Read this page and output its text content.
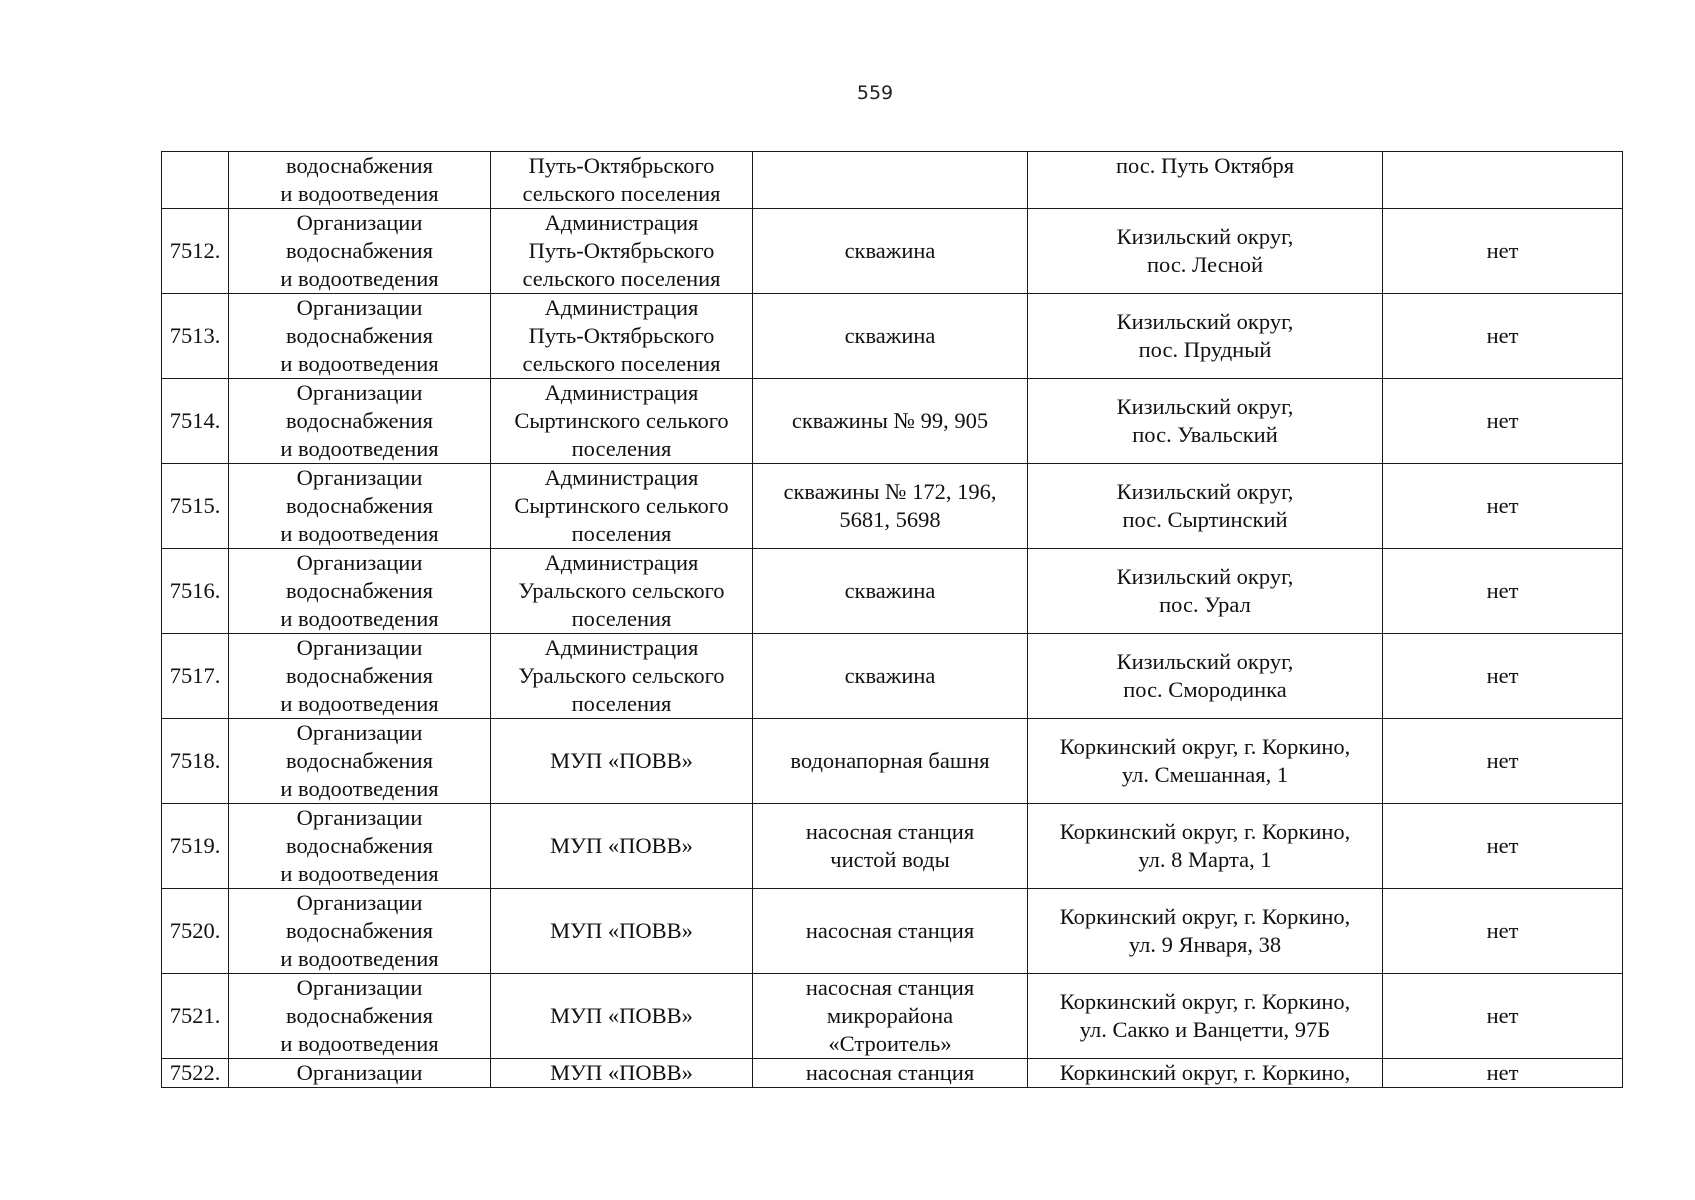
559

	водоснабжения
и водоотведения	Путь-Октябрьского
сельского поселения		пос. Путь Октября	

7512.	Организации
водоснабжения
и водоотведения	Администрация
Путь-Октябрьского
сельского поселения	скважина	Кизильский округ,
пос. Лесной	нет

7513.	Организации
водоснабжения
и водоотведения	Администрация
Путь-Октябрьского
сельского поселения	скважина	Кизильский округ,
пос. Прудный	нет

7514.	Организации
водоснабжения
и водоотведения	Администрация
Сыртинского селького
поселения	скважины № 99, 905	Кизильский округ,
пос. Увальский	нет

7515.	Организации
водоснабжения
и водоотведения	Администрация
Сыртинского селького
поселения	скважины № 172, 196,
5681, 5698	Кизильский округ,
пос. Сыртинский	нет

7516.	Организации
водоснабжения
и водоотведения	Администрация
Уральского сельского
поселения	скважина	Кизильский округ,
пос. Урал	нет

7517.	Организации
водоснабжения
и водоотведения	Администрация
Уральского сельского
поселения	скважина	Кизильский округ,
пос. Смородинка	нет

7518.	Организации
водоснабжения
и водоотведения	МУП «ПОВВ»	водонапорная башня	Коркинский округ, г. Коркино,
ул. Смешанная, 1	нет

7519.	Организации
водоснабжения
и водоотведения	МУП «ПОВВ»	насосная станция
чистой воды	Коркинский округ, г. Коркино,
ул. 8 Марта, 1	нет

7520.	Организации
водоснабжения
и водоотведения	МУП «ПОВВ»	насосная станция	Коркинский округ, г. Коркино,
ул. 9 Января, 38	нет

7521.	Организации
водоснабжения
и водоотведения	МУП «ПОВВ»	насосная станция
микрорайона
«Строитель»	Коркинский округ, г. Коркино,
ул. Сакко и Ванцетти, 97Б	нет

7522.	Организации	МУП «ПОВВ»	насосная станция	Коркинский округ, г. Коркино,	нет
